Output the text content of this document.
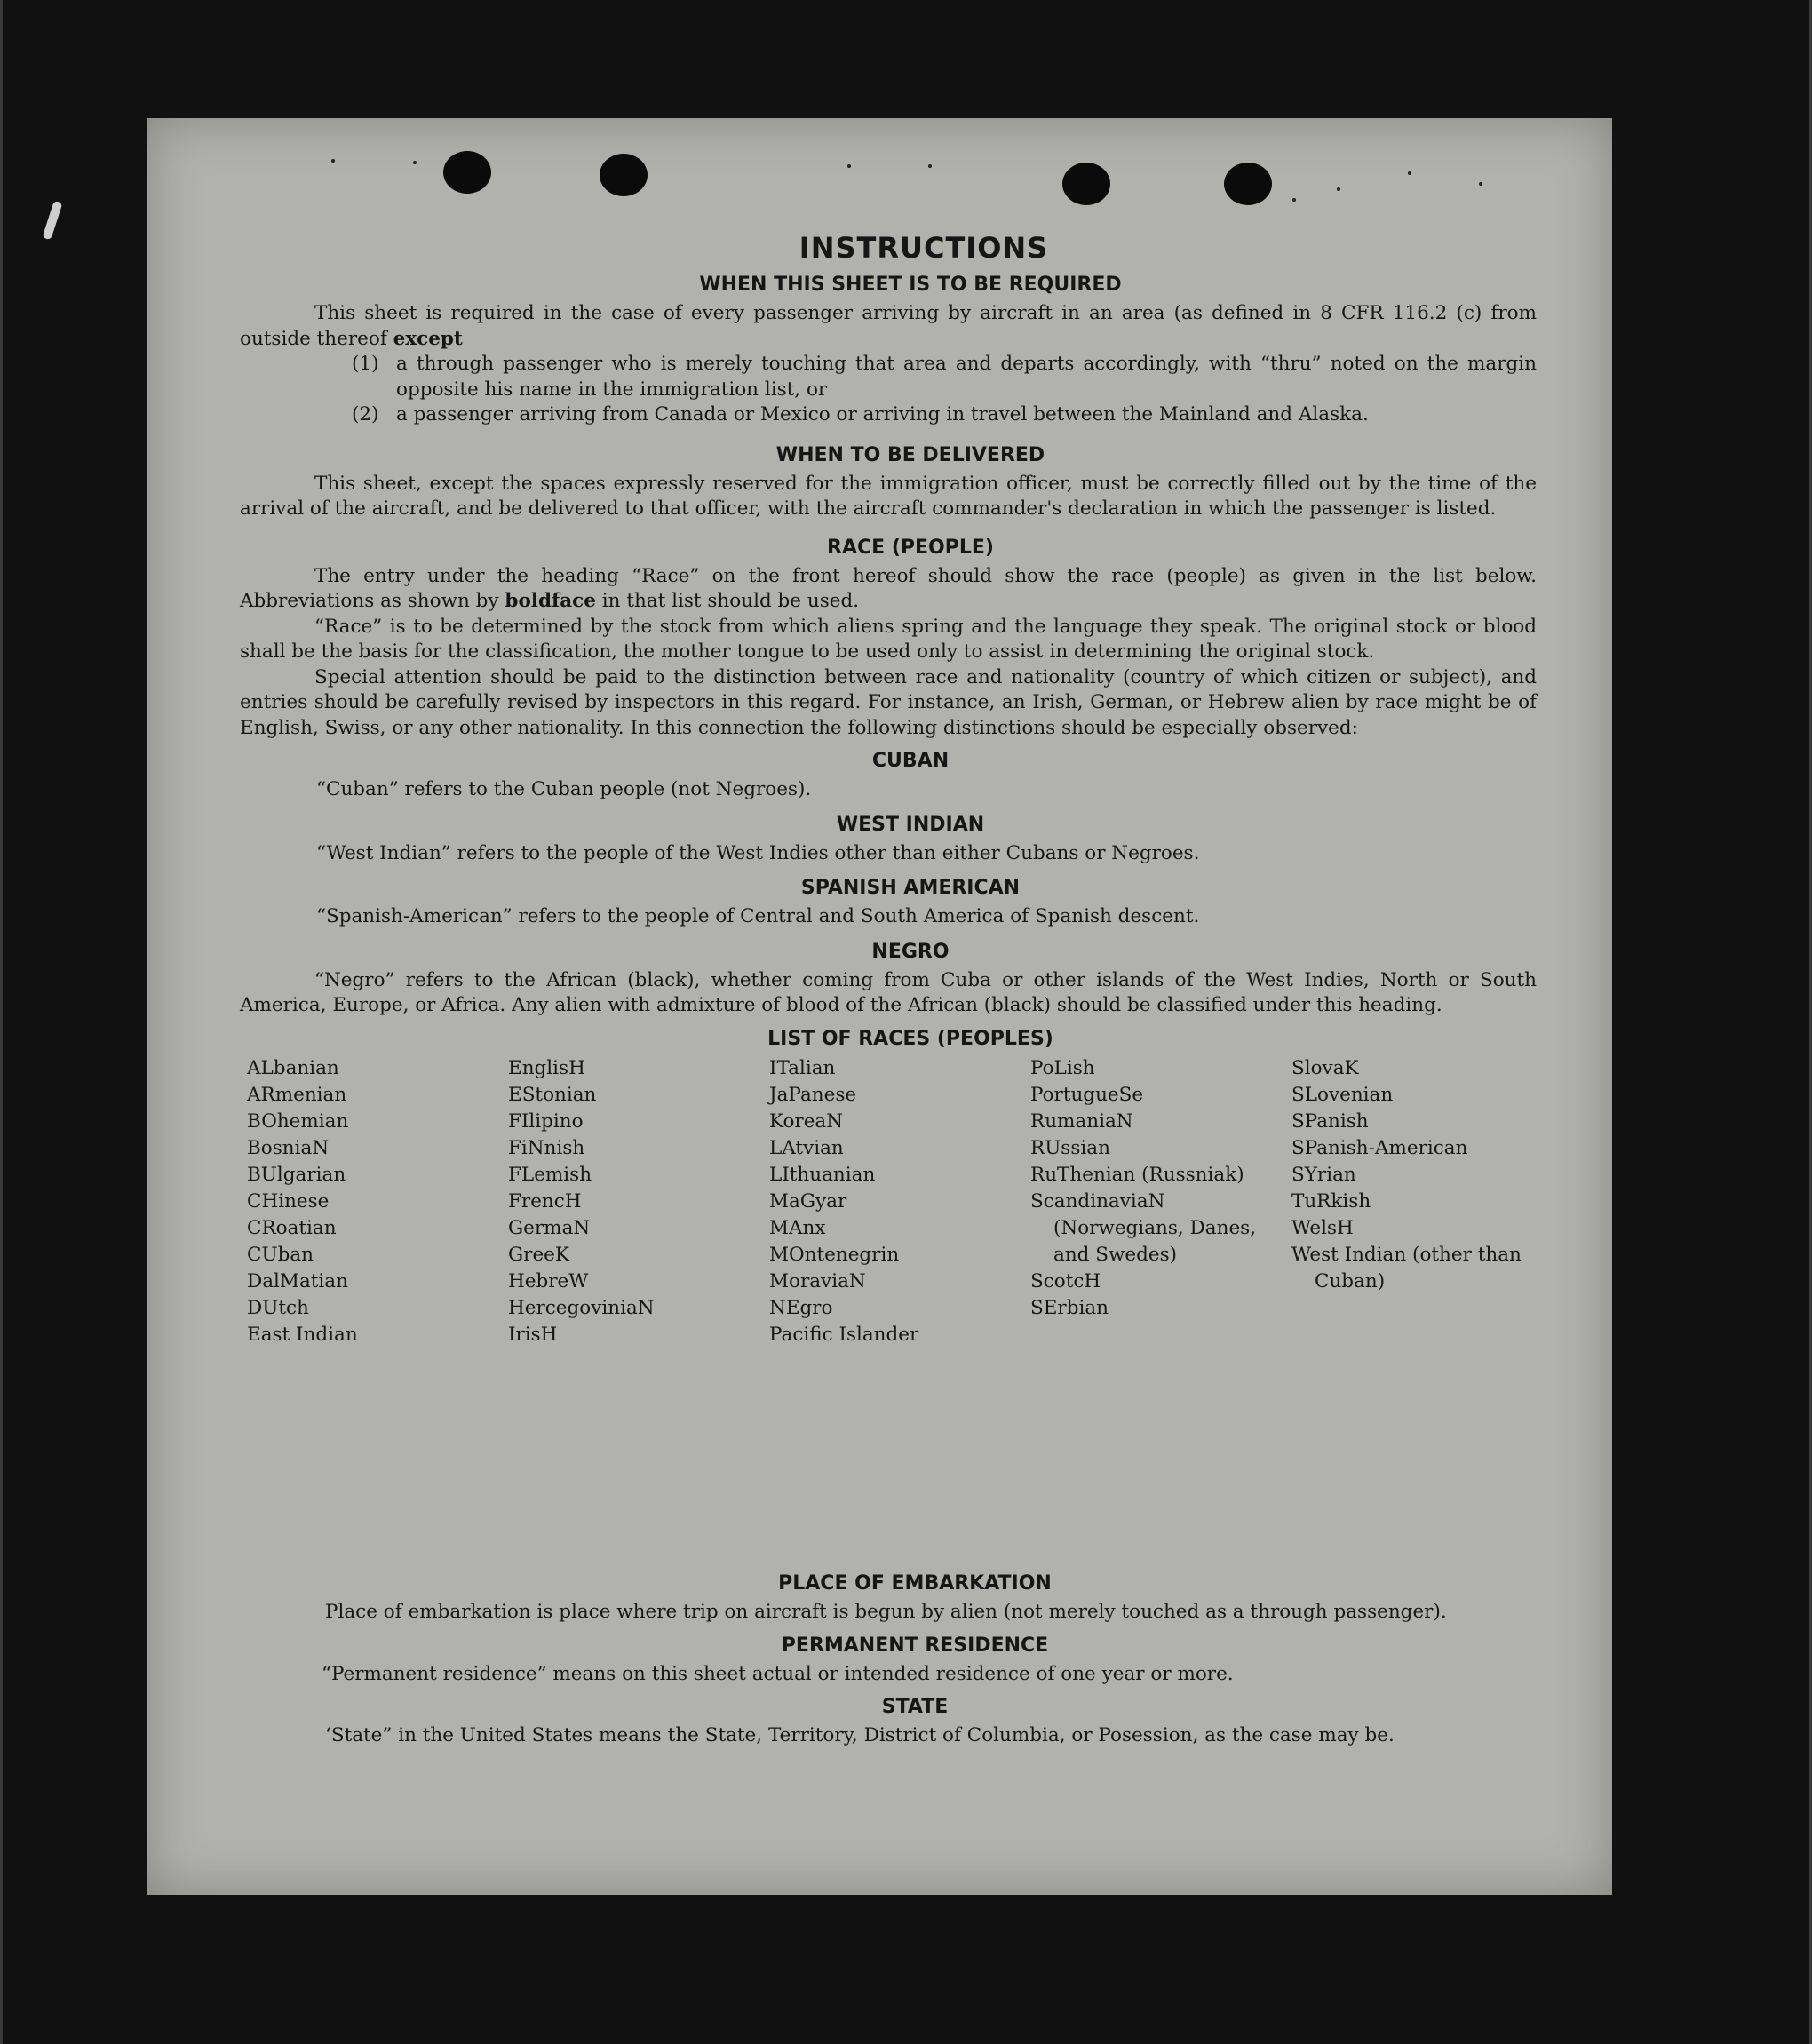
INSTRUCTIONS
WHEN THIS SHEET IS TO BE REQUIRED

This sheet is required in the case of every passenger arriving by aircraft in an area (as defined in 8 CFR 116.2 (c) from outside thereof except

(1) a through passenger who is merely touching that area and departs accordingly, with “thru” noted on the margin opposite his name in the immigration list, or
(2) a passenger arriving from Canada or Mexico or arriving in travel between the Mainland and Alaska.
WHEN TO BE DELIVERED

This sheet, except the spaces expressly reserved for the immigration officer, must be correctly filled out by the time of the arrival of the aircraft, and be delivered to that officer, with the aircraft commander's declaration in which the passenger is listed.

RACE (PEOPLE)

The entry under the heading “Race” on the front hereof should show the race (people) as given in the list below. Abbreviations as shown by boldface in that list should be used.

“Race” is to be determined by the stock from which aliens spring and the language they speak. The original stock or blood shall be the basis for the classification, the mother tongue to be used only to assist in determining the original stock.

Special attention should be paid to the distinction between race and nationality (country of which citizen or subject), and entries should be carefully revised by inspectors in this regard. For instance, an Irish, German, or Hebrew alien by race might be of English, Swiss, or any other nationality. In this connection the following distinctions should be especially observed:

CUBAN
“Cuban” refers to the Cuban people (not Negroes).
WEST INDIAN
“West Indian” refers to the people of the West Indies other than either Cubans or Negroes.
SPANISH AMERICAN
“Spanish-American” refers to the people of Central and South America of Spanish descent.
NEGRO

“Negro” refers to the African (black), whether coming from Cuba or other islands of the West Indies, North or South America, Europe, or Africa. Any alien with admixture of blood of the African (black) should be classified under this heading.

LIST OF RACES (PEOPLES)
ALbanian
ARmenian
BOhemian
BosniaN
BUlgarian
CHinese
CRoatian
CUban
DalMatian
DUtch
East Indian
EnglisH
EStonian
FIlipino
FiNnish
FLemish
FrencH
GermaN
GreeK
HebreW
HercegoviniaN
IrisH
ITalian
JaPanese
KoreaN
LAtvian
LIthuanian
MaGyar
MAnx
MOntenegrin
MoraviaN
NEgro
Pacific Islander
PoLish
PortugueSe
RumaniaN
RUssian
RuThenian (Russniak)
ScandinaviaN (Norwegians, Danes, and Swedes)
ScotcH
SErbian
SlovaK
SLovenian
SPanish
SPanish-American
SYrian
TuRkish
WelsH
West Indian (other than Cuban)
PLACE OF EMBARKATION

Place of embarkation is place where trip on aircraft is begun by alien (not merely touched as a through passenger).

PERMANENT RESIDENCE
“Permanent residence” means on this sheet actual or intended residence of one year or more.
STATE

‘State” in the United States means the State, Territory, District of Columbia, or Posession, as the case may be.
